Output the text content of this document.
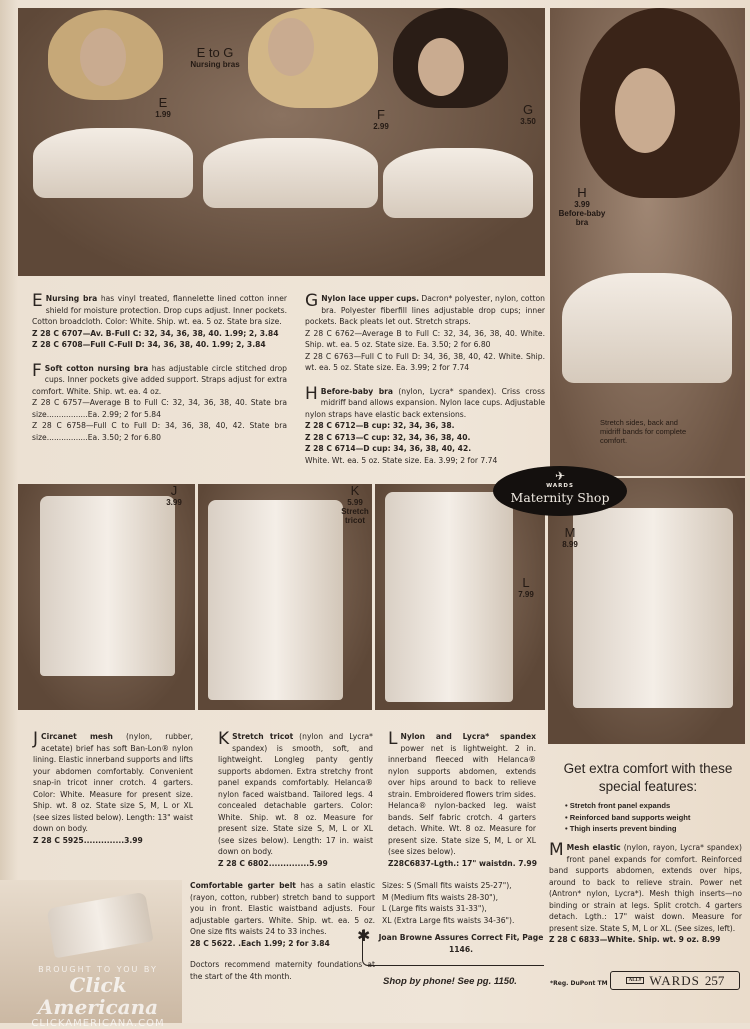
E to G
Nursing bras
E
1.99	F
2.99
G
3.50
H
3.99
Before-baby bra
Stretch sides, back and midriff bands for complete comfort.

E Nursing bra has vinyl treated, flannelette lined cotton inner shield for moisture protection. Drop cups adjust. Inner pockets. Cotton broadcloth. Color: White. Ship. wt. ea. 5 oz. State bra size.

Z 28 C 6707—Av. B-Full C: 32, 34, 36, 38, 40. 1.99; 2, 3.84

Z 28 C 6708—Full C-Full D: 34, 36, 38, 40. 1.99; 2, 3.84

F Soft cotton nursing bra has adjustable circle stitched drop cups. Inner pockets give added support. Straps adjust for extra comfort. White. Ship. wt. ea. 4 oz.

Z 28 C 6757—Average B to Full C: 32, 34, 36, 38, 40. State bra size.................Ea. 2.99; 2 for 5.84

Z 28 C 6758—Full C to Full D: 34, 36, 38, 40, 42. State bra size.................Ea. 3.50; 2 for 6.80

G Nylon lace upper cups. Dacron* polyester, nylon, cotton bra. Polyester fiberfill lines adjustable drop cups; inner pockets. Back pleats let out. Stretch straps.

Z 28 C 6762—Average B to Full C: 32, 34, 36, 38, 40. White. Ship. wt. ea. 5 oz. State size. Ea. 3.50; 2 for 6.80

Z 28 C 6763—Full C to Full D: 34, 36, 38, 40, 42. White. Ship. wt. ea. 5 oz. State size. Ea. 3.99; 2 for 7.74

H Before-baby bra (nylon, Lycra* spandex). Criss cross midriff band allows expansion. Nylon lace cups. Adjustable nylon straps have elastic back extensions.

Z 28 C 6712—B cup: 32, 34, 36, 38.

Z 28 C 6713—C cup: 32, 34, 36, 38, 40.

Z 28 C 6714—D cup: 34, 36, 38, 40, 42.

White. Wt. ea. 5 oz. State size. Ea. 3.99; 2 for 7.74

J
3.99
K
5.99
Stretch tricot
L
7.99
M
8.99
✈
WARDS
Maternity Shop

J Circanet mesh (nylon, rubber, acetate) brief has soft Ban-Lon® nylon lining. Elastic innerband supports and lifts your abdomen comfortably. Convenient snap-in tricot inner crotch. 4 garters. Color: White. Measure for present size. Ship. wt. 8 oz. State size S, M, L or XL (see sizes listed below). Length: 13" waist down on body.

Z 28 C 5925..............3.99

K Stretch tricot (nylon and Lycra* spandex) is smooth, soft, and lightweight. Longleg panty gently supports abdomen. Extra stretchy front panel expands comfortably. Helanca® nylon faced waistband. Tailored legs. 4 concealed detachable garters. Color: White. Ship. wt. 8 oz. Measure for present size. State size S, M, L or XL (see sizes below). Length: 17 in. waist down on body.

Z 28 C 6802..............5.99

L Nylon and Lycra* spandex power net is lightweight. 2 in. innerband fleeced with Helanca® nylon supports abdomen, extends over hips around to back to relieve strain. Embroidered flowers trim sides. Helanca® nylon-backed leg. waist bands. Self fabric crotch. 4 garters detach. White. Wt. 8 oz. Measure for present size. State size S, M, L or XL (see sizes below).

Z28C6837-Lgth.: 17" waistdn. 7.99

Get extra comfort with these special features:
• Stretch front panel expands
• Reinforced band supports weight
• Thigh inserts prevent binding

M Mesh elastic (nylon, rayon, Lycra* spandex) front panel expands for comfort. Reinforced band supports abdomen, extends over hips, around to back to relieve strain. Power net (Antron* nylon, Lycra*). Mesh thigh inserts—no binding or strain at legs. Split crotch. 4 garters detach. Lgth.: 17" waist down. Measure for present size. State S, M, L or XL. (See sizes, left).

Z 28 C 6833—White. Ship. wt. 9 oz. 8.99

Comfortable garter belt has a satin elastic (rayon, cotton, rubber) stretch band to support you in front. Elastic waistband adjusts. Four adjustable garters. White. Ship. wt. ea. 5 oz. One size fits waists 24 to 33 inches.

28 C 5622. .Each 1.99; 2 for 3.84

Doctors recommend maternity foundations at the start of the 4th month.

Sizes: S (Small fits waists 25-27"),

M (Medium fits waists 28-30"),

L (Large fits waists 31-33"),

XL (Extra Large fits waists 34-36").

✱ Joan Browne Assures Correct Fit, Page 1146.

Shop by phone! See pg. 1150.	*Reg. DuPont TM	ALL# WARDS 257
BROUGHT TO YOU BY
Click Americana
CLICKAMERICANA.COM
